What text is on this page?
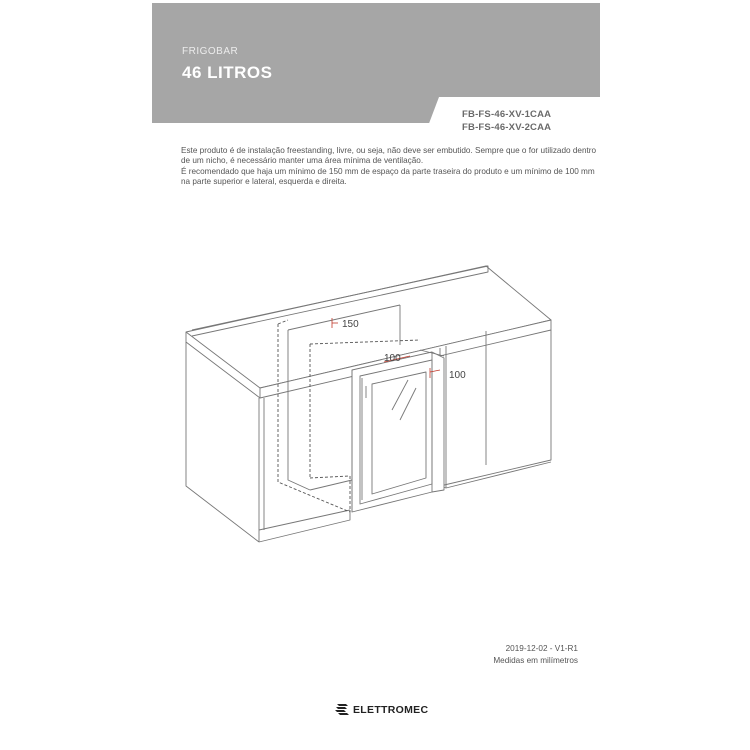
FRIGOBAR
46 LITROS
FB-FS-46-XV-1CAA
FB-FS-46-XV-2CAA

Este produto é de instalação freestanding, livre, ou seja, não deve ser embutido. Sempre que o for utilizado dentro de um nicho, é necessário manter uma área mínima de ventilação.

É recomendado que haja um mínimo de 150 mm de espaço da parte traseira do produto e um mínimo de 100 mm na parte superior e lateral, esquerda e direita.

150
100
100
2019-12-02 - V1-R1
Medidas em milímetros
ELETTROMEC
